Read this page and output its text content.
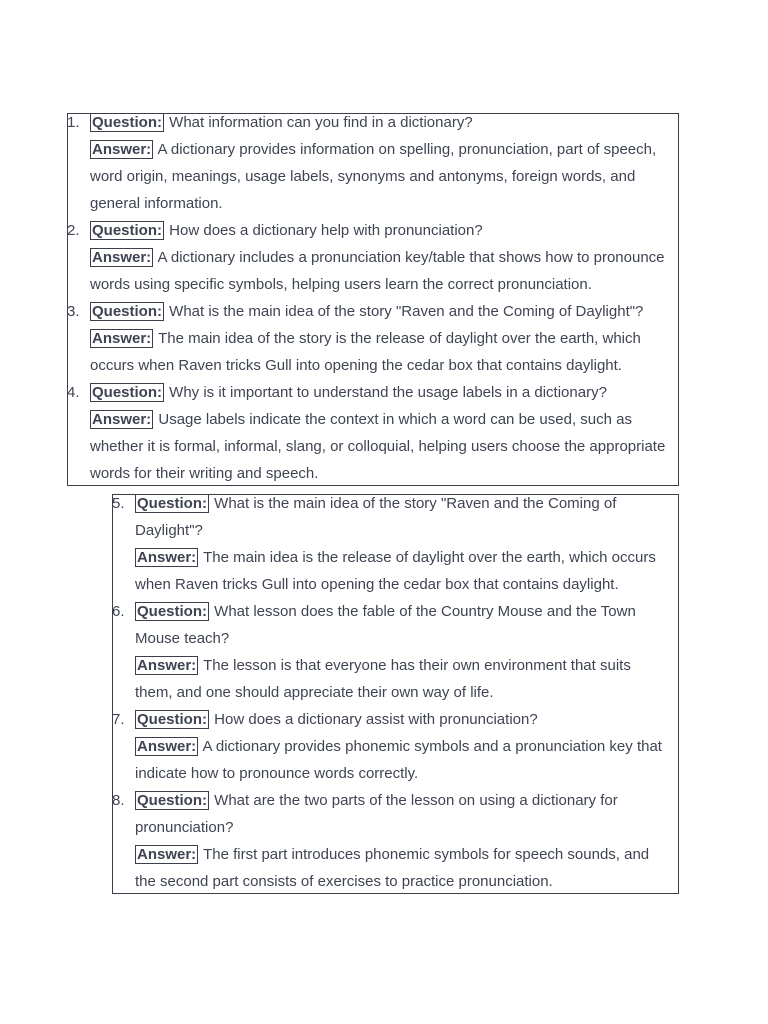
1. Question: What information can you find in a dictionary?

Answer: A dictionary provides information on spelling, pronunciation, part of speech, word origin, meanings, usage labels, synonyms and antonyms, foreign words, and general information.

2. Question: How does a dictionary help with pronunciation?

Answer: A dictionary includes a pronunciation key/table that shows how to pronounce words using specific symbols, helping users learn the correct pronunciation.

3. Question: What is the main idea of the story "Raven and the Coming of Daylight"?

Answer: The main idea of the story is the release of daylight over the earth, which occurs when Raven tricks Gull into opening the cedar box that contains daylight.

4. Question: Why is it important to understand the usage labels in a dictionary?

Answer: Usage labels indicate the context in which a word can be used, such as whether it is formal, informal, slang, or colloquial, helping users choose the appropriate words for their writing and speech.

5. Question: What is the main idea of the story "Raven and the Coming of Daylight"?

Answer: The main idea is the release of daylight over the earth, which occurs when Raven tricks Gull into opening the cedar box that contains daylight.

6. Question: What lesson does the fable of the Country Mouse and the Town Mouse teach?

Answer: The lesson is that everyone has their own environment that suits them, and one should appreciate their own way of life.

7. Question: How does a dictionary assist with pronunciation?

Answer: A dictionary provides phonemic symbols and a pronunciation key that indicate how to pronounce words correctly.

8. Question: What are the two parts of the lesson on using a dictionary for pronunciation?

Answer: The first part introduces phonemic symbols for speech sounds, and the second part consists of exercises to practice pronunciation.
